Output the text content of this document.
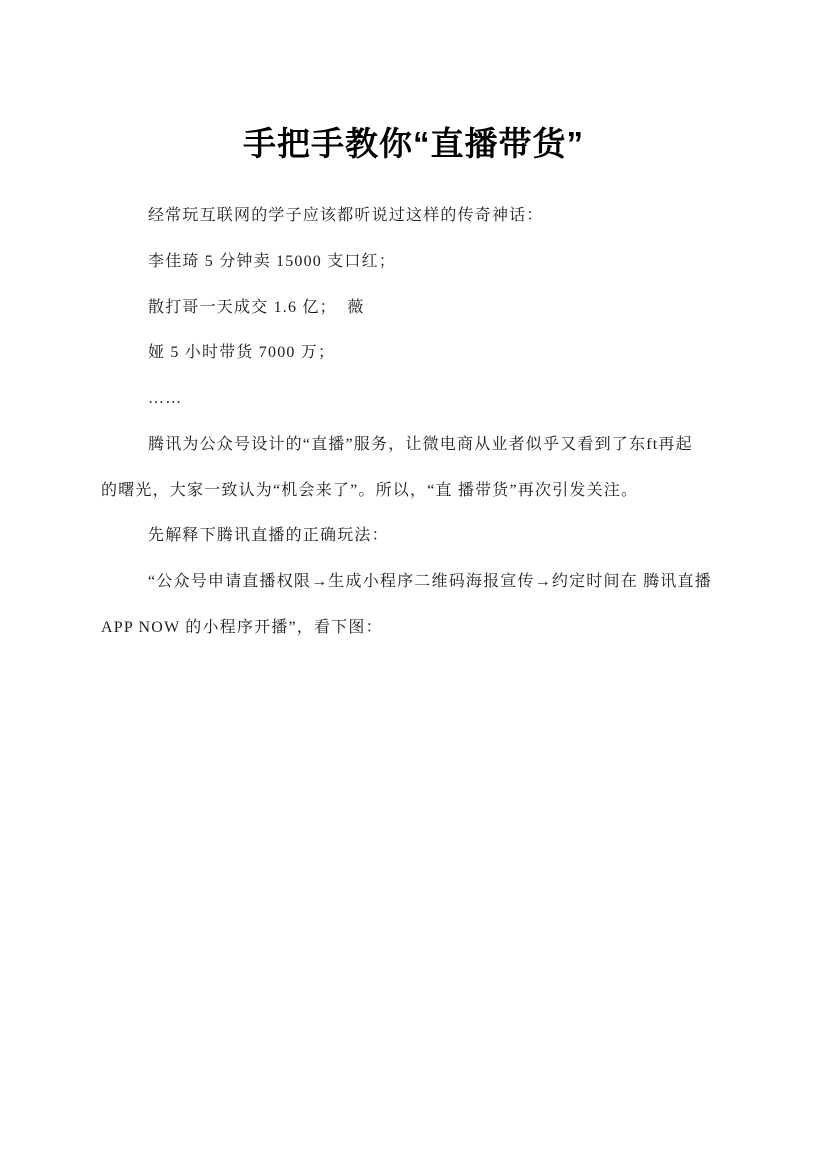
手把手教你“直播带货”
经常玩互联网的学子应该都听说过这样的传奇神话：
李佳琦 5 分钟卖 15000 支口红；
散打哥一天成交 1.6 亿；  薇
娅 5 小时带货 7000 万；
……
腾讯为公众号设计的“直播”服务，让微电商从业者似乎又看到了东ft再起
的曙光，大家一致认为“机会来了”。所以，“直 播带货”再次引发关注。
先解释下腾讯直播的正确玩法：
“公众号申请直播权限→生成小程序二维码海报宣传→约定时间在 腾讯直播
APP NOW 的小程序开播”，看下图：
